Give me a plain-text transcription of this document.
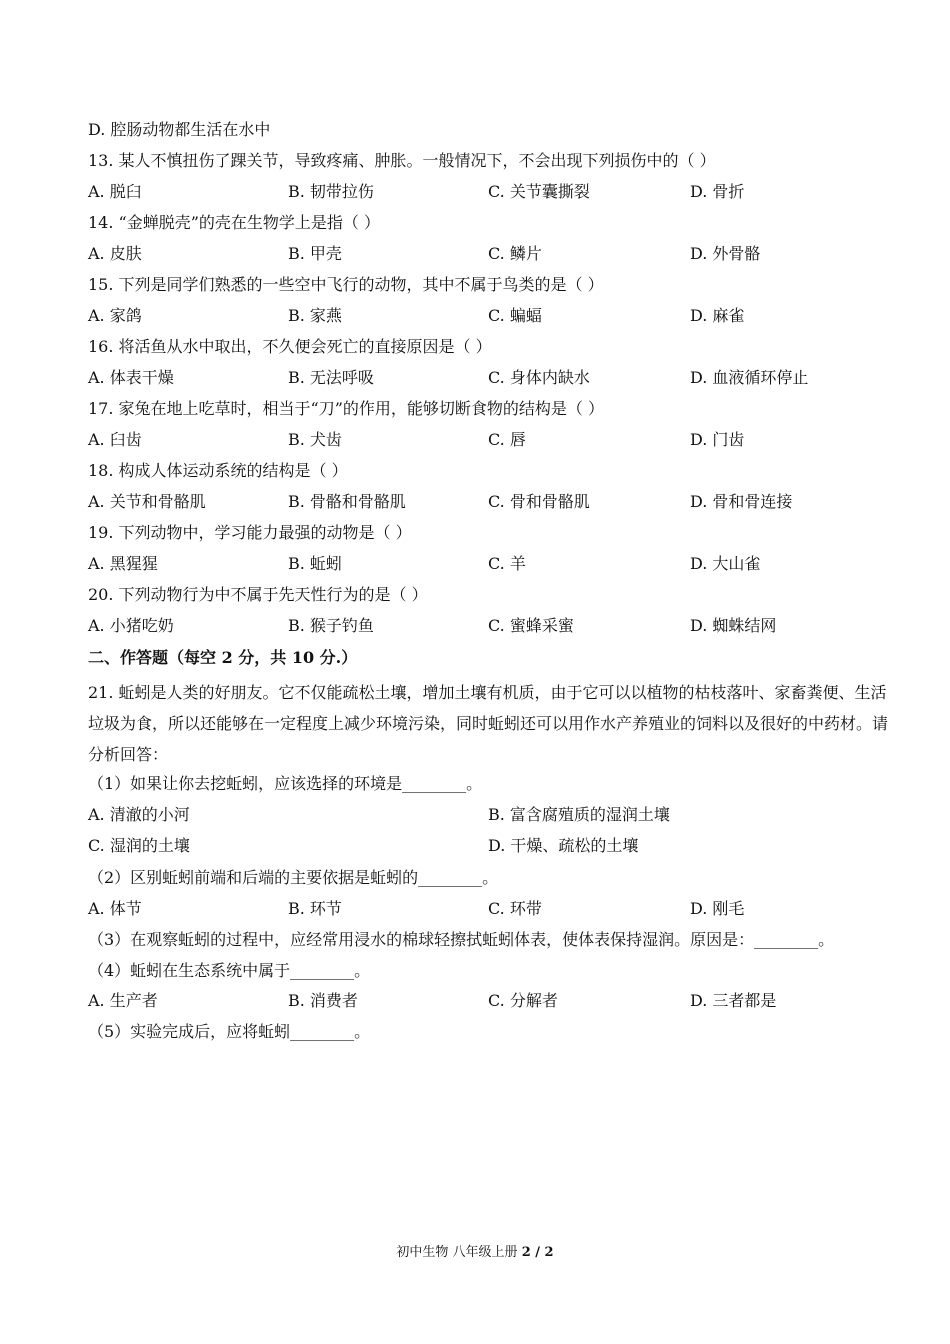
D. 腔肠动物都生活在水中
13. 某人不慎扭伤了踝关节，导致疼痛、肿胀。一般情况下，不会出现下列损伤中的（ ）
A. 脱臼	B. 韧带拉伤	C. 关节囊撕裂	D. 骨折
14. “金蝉脱壳”的壳在生物学上是指（ ）
A. 皮肤	B. 甲壳	C. 鳞片	D. 外骨骼
15. 下列是同学们熟悉的一些空中飞行的动物，其中不属于鸟类的是（ ）
A. 家鸽	B. 家燕	C. 蝙蝠	D. 麻雀
16. 将活鱼从水中取出，不久便会死亡的直接原因是（ ）
A. 体表干燥	B. 无法呼吸	C. 身体内缺水	D. 血液循环停止
17. 家兔在地上吃草时，相当于“刀”的作用，能够切断食物的结构是（ ）
A. 臼齿	B. 犬齿	C. 唇	D. 门齿
18. 构成人体运动系统的结构是（ ）
A. 关节和骨骼肌	B. 骨骼和骨骼肌	C. 骨和骨骼肌	D. 骨和骨连接
19. 下列动物中，学习能力最强的动物是（ ）
A. 黑猩猩	B. 蚯蚓	C. 羊	D. 大山雀
20. 下列动物行为中不属于先天性行为的是（ ）
A. 小猪吃奶	B. 猴子钓鱼	C. 蜜蜂采蜜	D. 蜘蛛结网
二、作答题（每空 2 分，共 10 分.）
21. 蚯蚓是人类的好朋友。它不仅能疏松土壤，增加土壤有机质，由于它可以以植物的枯枝落叶、家畜粪便、生活垃圾为食，所以还能够在一定程度上减少环境污染，同时蚯蚓还可以用作水产养殖业的饲料以及很好的中药材。请分析回答：
（1）如果让你去挖蚯蚓，应该选择的环境是________。
A. 清澈的小河	B. 富含腐殖质的湿润土壤
C. 湿润的土壤	D. 干燥、疏松的土壤
（2）区别蚯蚓前端和后端的主要依据是蚯蚓的________。
A. 体节	B. 环节	C. 环带	D. 刚毛
（3）在观察蚯蚓的过程中，应经常用浸水的棉球轻擦拭蚯蚓体表，使体表保持湿润。原因是：________。
（4）蚯蚓在生态系统中属于________。
A. 生产者	B. 消费者	C. 分解者	D. 三者都是
（5）实验完成后，应将蚯蚓________。
初中生物 八年级上册 2 / 2
